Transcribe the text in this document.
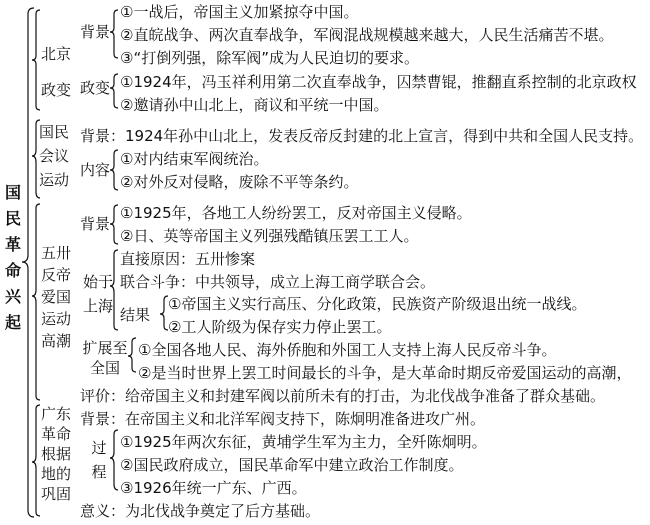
国民革命兴起
北京政变
背景
①一战后，帝国主义加紧掠夺中国。
②直皖战争、两次直奉战争，军阀混战规模越来越大，人民生活痛苦不堪。
③“打倒列强，除军阀”成为人民迫切的要求。
政变 ①1924年，冯玉祥利用第二次直奉战争，囚禁曹锟，推翻直系控制的北京政权
②邀请孙中山北上，商议和平统一中国。
国民会议运动
背景：1924年孙中山北上，发表反帝反封建的北上宣言，得到中共和全国人民支持。
内容
①对内结束军阀统治。
②对外反对侵略，废除不平等条约。
五卅反帝爱国运动高潮
背景
①1925年，各地工人纷纷罢工，反对帝国主义侵略。
②日、英等帝国主义列强残酷镇压罢工工人。
始于上海
直接原因：五卅惨案
联合斗争：中共领导，成立上海工商学联合会。
结果
①帝国主义实行高压、分化政策，民族资产阶级退出统一战线。
②工人阶级为保存实力停止罢工。
扩展至全国
①全国各地人民、海外侨胞和外国工人支持上海人民反帝斗争。
②是当时世界上罢工时间最长的斗争，是大革命时期反帝爱国运动的高潮，
评价：给帝国主义和封建军阀以前所未有的打击，为北伐战争准备了群众基础。
广东革命根据地的巩固
背景：在帝国主义和北洋军阀支持下，陈炯明准备进攻广州。
过程
①1925年两次东征，黄埔学生军为主力，全歼陈炯明。
②国民政府成立，国民革命军中建立政治工作制度。
③1926年统一广东、广西。
意义：为北伐战争奠定了后方基础。
